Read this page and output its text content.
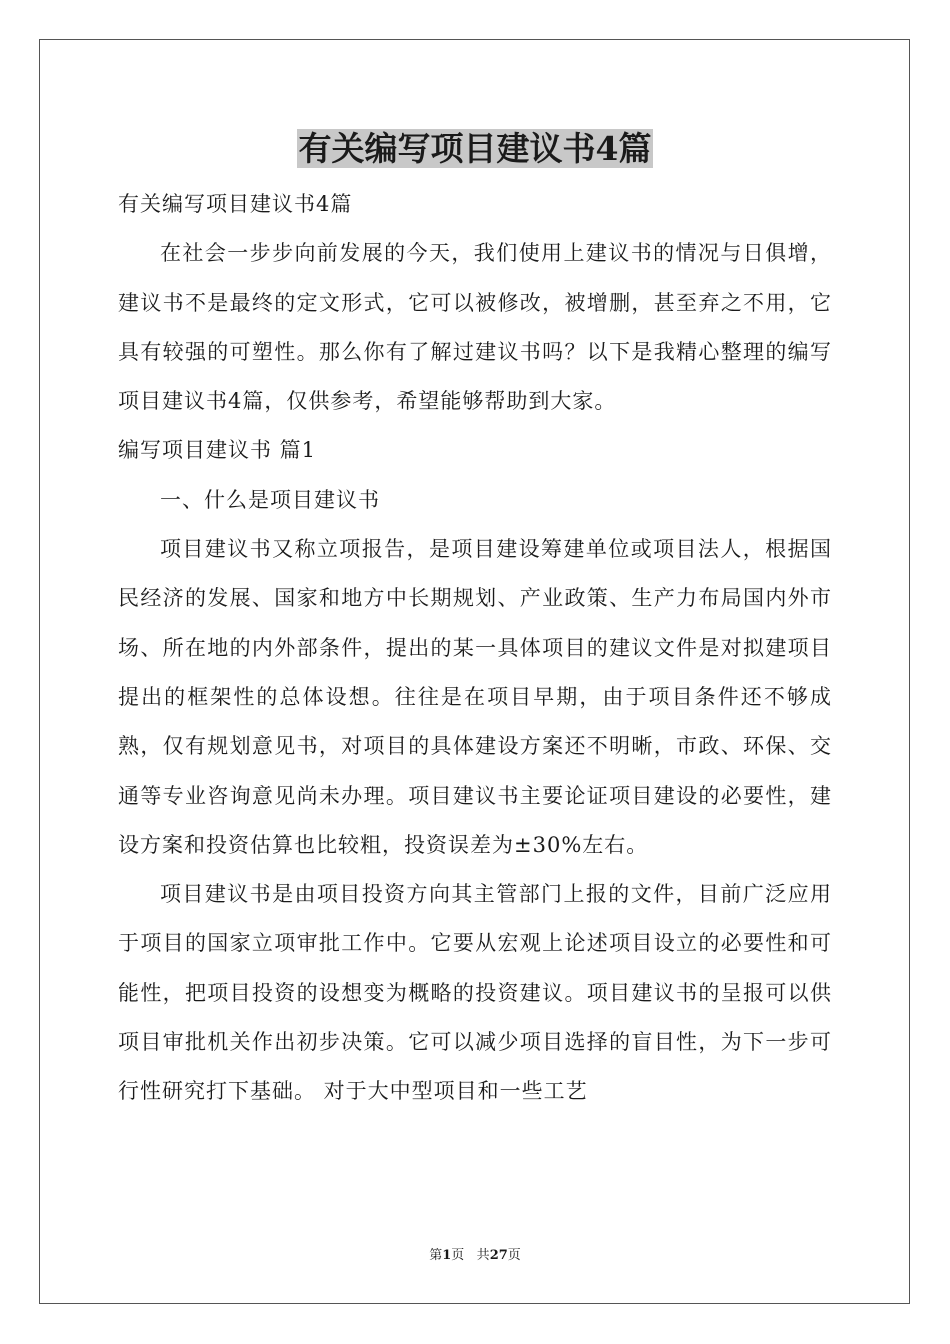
有关编写项目建议书4篇

有关编写项目建议书4篇

在社会一步步向前发展的今天，我们使用上建议书的情况与日俱增，建议书不是最终的定文形式，它可以被修改，被增删，甚至弃之不用，它具有较强的可塑性。那么你有了解过建议书吗？以下是我精心整理的编写项目建议书4篇，仅供参考，希望能够帮助到大家。

编写项目建议书 篇1

一、什么是项目建议书

项目建议书又称立项报告，是项目建设筹建单位或项目法人，根据国民经济的发展、国家和地方中长期规划、产业政策、生产力布局国内外市场、所在地的内外部条件，提出的某一具体项目的建议文件是对拟建项目提出的框架性的总体设想。往往是在项目早期，由于项目条件还不够成熟，仅有规划意见书，对项目的具体建设方案还不明晰，市政、环保、交通等专业咨询意见尚未办理。项目建议书主要论证项目建设的必要性，建设方案和投资估算也比较粗，投资误差为±30%左右。

项目建议书是由项目投资方向其主管部门上报的文件，目前广泛应用于项目的国家立项审批工作中。它要从宏观上论述项目设立的必要性和可能性，把项目投资的设想变为概略的投资建议。项目建议书的呈报可以供项目审批机关作出初步决策。它可以减少项目选择的盲目性，为下一步可行性研究打下基础。 对于大中型项目和一些工艺

第1页 共27页
